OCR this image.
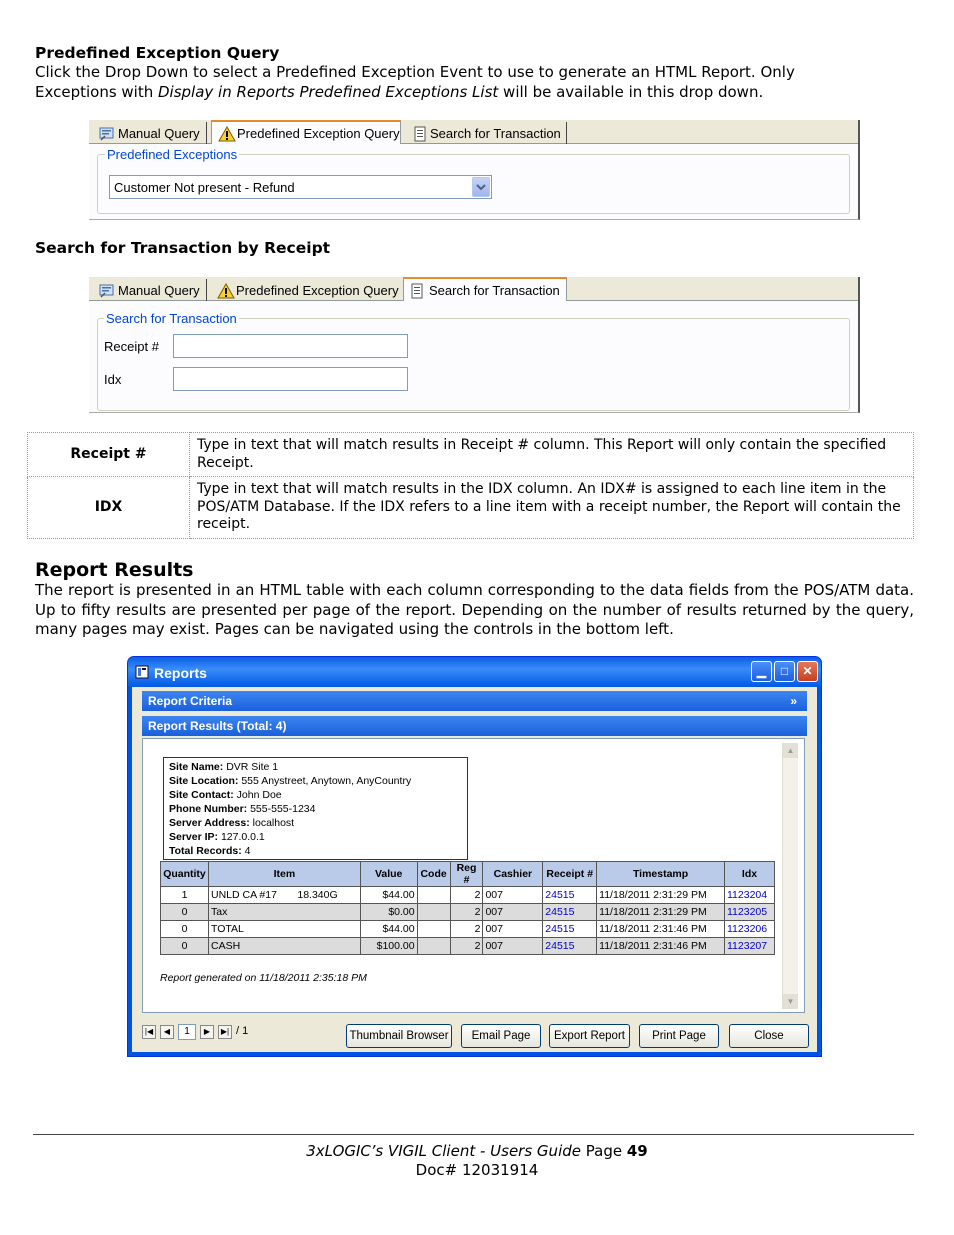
Predefined Exception Query
Click the Drop Down to select a Predefined Exception Event to use to generate an HTML Report. Only
Exceptions with Display in Reports Predefined Exceptions List will be available in this drop down.
Manual Query	Predefined Exception Query Search for Transaction
Predefined Exceptions
Customer Not present - Refund
Search for Transaction by Receipt
Manual Query	Predefined Exception Query Search for Transaction
Search for Transaction
Receipt #
Idx
Receipt #	Type in text that will match results in Receipt # column. This Report will only contain the specified Receipt.
IDX	Type in text that will match results in the IDX column. An IDX# is assigned to each line item in the POS/ATM Database. If the IDX refers to a line item with a receipt number, the Report will contain the receipt.
Report Results
The report is presented in an HTML table with each column corresponding to the data fields from the POS/ATM data. Up to fifty results are presented per page of the report. Depending on the number of results returned by the query, many pages may exist. Pages can be navigated using the controls in the bottom left.
Reports	▁	□	✕
Report Criteria	»
Report Results (Total: 4)
Site Name: DVR Site 1
Site Location: 555 Anystreet, Anytown, AnyCountry
Site Contact: John Doe
Phone Number: 555-555-1234
Server Address: localhost
Server IP: 127.0.0.1
Total Records: 4
Quantity	Item	Value	Code	Reg #	Cashier	Receipt #	Timestamp	Idx
1	UNLD CA #17       18.340G	$44.00		2	007	24515	11/18/2011 2:31:29 PM	1123204
0	Tax	$0.00		2	007	24515	11/18/2011 2:31:29 PM	1123205
0	TOTAL	$44.00		2	007	24515	11/18/2011 2:31:46 PM	1123206
0	CASH	$100.00		2	007	24515	11/18/2011 2:31:46 PM	1123207
Report generated on 11/18/2011 2:35:18 PM
▲
▼
|◀	◀	1	▶	▶| / 1	Thumbnail Browser	Email Page	Export Report	Print Page	Close
3xLOGIC’s VIGIL Client - Users Guide Page 49
Doc# 12031914
